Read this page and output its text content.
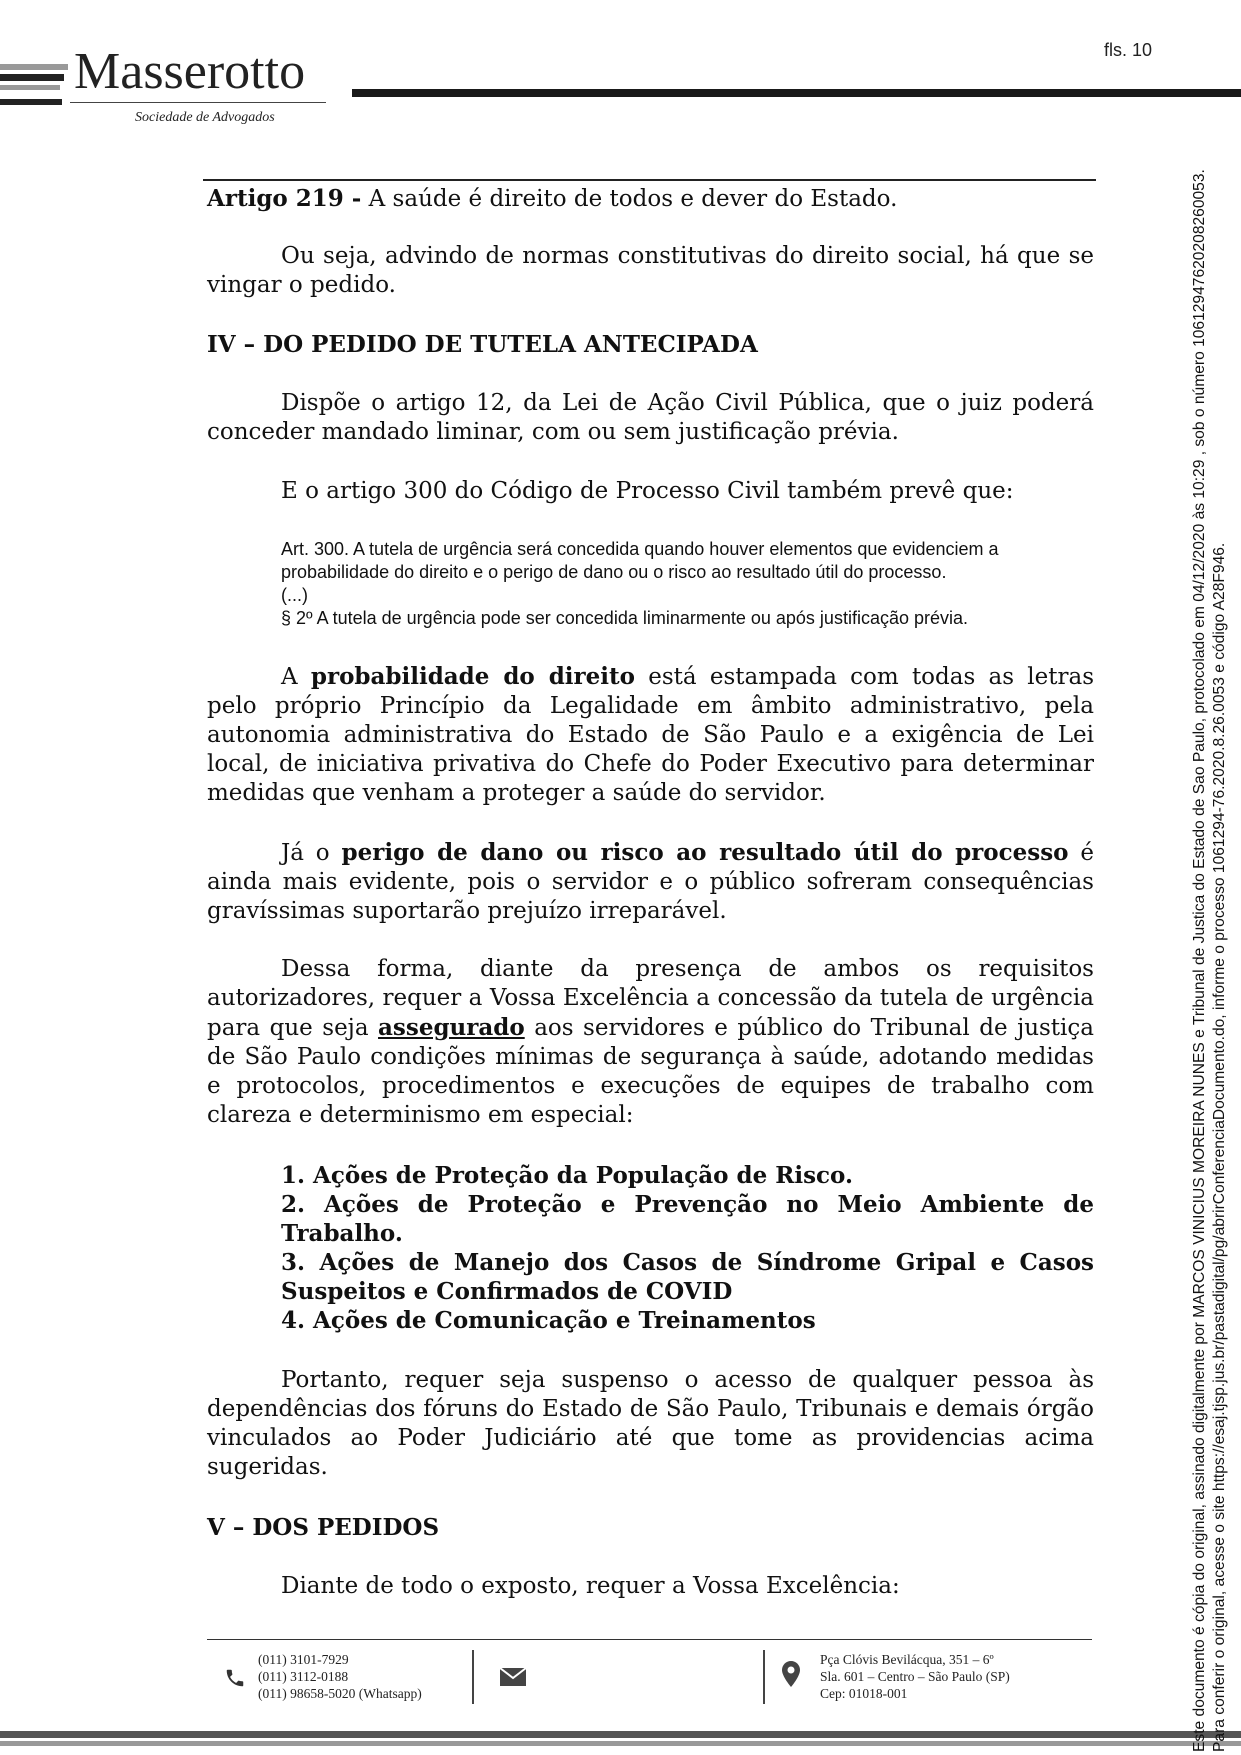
Masserotto
Sociedade de Advogados
fls. 10

Artigo 219 - A saúde é direito de todos e dever do Estado.

Ou seja, advindo de normas constitutivas do direito social, há que se vingar o pedido.

IV – DO PEDIDO DE TUTELA ANTECIPADA

Dispõe o artigo 12, da Lei de Ação Civil Pública, que o juiz poderá conceder mandado liminar, com ou sem justificação prévia.

E o artigo 300 do Código de Processo Civil também prevê que:

Art. 300. A tutela de urgência será concedida quando houver elementos que evidenciem a probabilidade do direito e o perigo de dano ou o risco ao resultado útil do processo.
(...)
§ 2º A tutela de urgência pode ser concedida liminarmente ou após justificação prévia.

A probabilidade do direito está estampada com todas as letras pelo próprio Princípio da Legalidade em âmbito administrativo, pela autonomia administrativa do Estado de São Paulo e a exigência de Lei local, de iniciativa privativa do Chefe do Poder Executivo para determinar medidas que venham a proteger a saúde do servidor.

Já o perigo de dano ou risco ao resultado útil do processo é ainda mais evidente, pois o servidor e o público sofreram consequências gravíssimas suportarão prejuízo irreparável.

Dessa forma, diante da presença de ambos os requisitos autorizadores, requer a Vossa Excelência a concessão da tutela de urgência para que seja assegurado aos servidores e público do Tribunal de justiça de São Paulo condições mínimas de segurança à saúde, adotando medidas e protocolos, procedimentos e execuções de equipes de trabalho com clareza e determinismo em especial:

1. Ações de Proteção da População de Risco.
2. Ações de Proteção e Prevenção no Meio Ambiente de Trabalho.
3. Ações de Manejo dos Casos de Síndrome Gripal e Casos Suspeitos e Confirmados de COVID
4. Ações de Comunicação e Treinamentos

Portanto, requer seja suspenso o acesso de qualquer pessoa às dependências dos fóruns do Estado de São Paulo, Tribunais e demais órgão vinculados ao Poder Judiciário até que tome as providencias acima sugeridas.

V – DOS PEDIDOS

Diante de todo o exposto, requer a Vossa Excelência:

(011) 3101-7929
(011) 3112-0188
(011) 98658-5020 (Whatsapp)
Pça Clóvis Bevilácqua, 351 – 6º
Sla. 601 – Centro – São Paulo (SP)
Cep: 01018-001	Este documento é cópia do original, assinado digitalmente por MARCOS VINICIUS MOREIRA NUNES e Tribunal de Justica do Estado de Sao Paulo, protocolado em 04/12/2020 às 10:29 , sob o número 10612947620208260053. Para conferir o original, acesse o site https://esaj.tjsp.jus.br/pastadigital/pg/abrirConferenciaDocumento.do, informe o processo 1061294-76.2020.8.26.0053 e código A28F946.
